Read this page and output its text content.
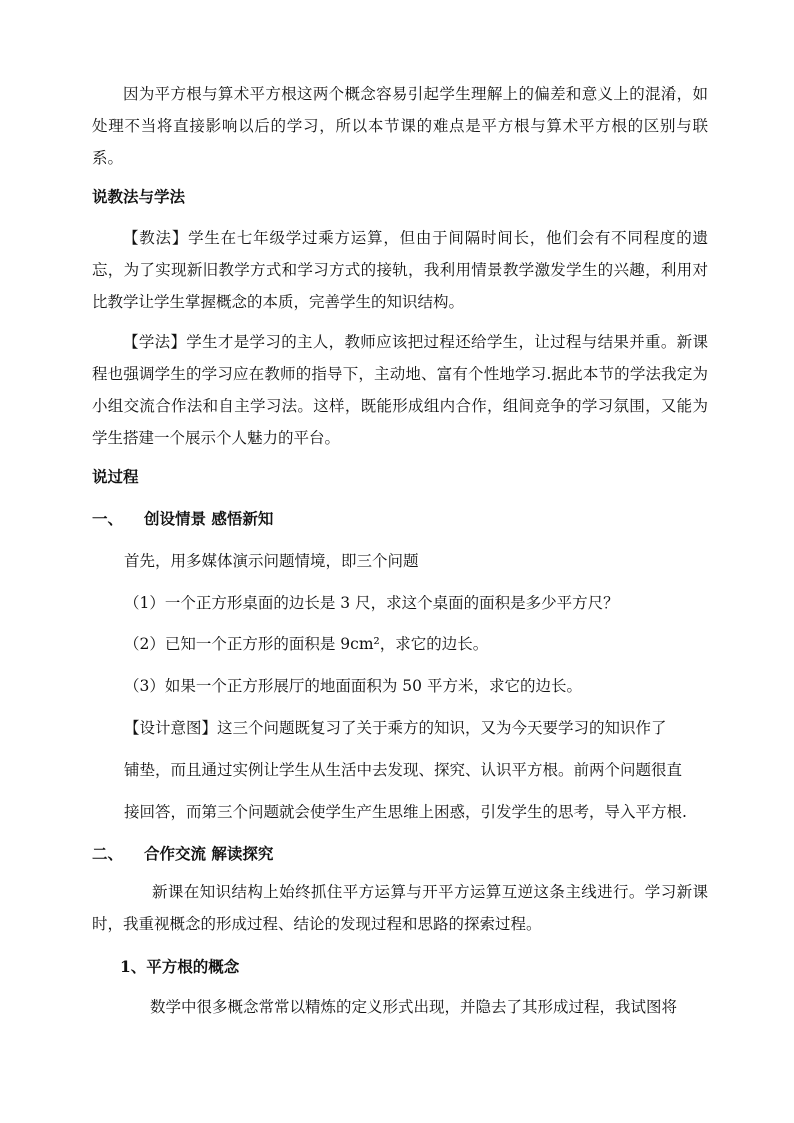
因为平方根与算术平方根这两个概念容易引起学生理解上的偏差和意义上的混淆，如处理不当将直接影响以后的学习，所以本节课的难点是平方根与算术平方根的区别与联系。

说教法与学法

【教法】学生在七年级学过乘方运算，但由于间隔时间长，他们会有不同程度的遗忘，为了实现新旧教学方式和学习方式的接轨，我利用情景教学激发学生的兴趣，利用对比教学让学生掌握概念的本质，完善学生的知识结构。

【学法】学生才是学习的主人，教师应该把过程还给学生，让过程与结果并重。新课程也强调学生的学习应在教师的指导下，主动地、富有个性地学习.据此本节的学法我定为小组交流合作法和自主学习法。这样，既能形成组内合作，组间竞争的学习氛围，又能为学生搭建一个展示个人魅力的平台。

说过程
一、 创设情景 感悟新知
首先，用多媒体演示问题情境，即三个问题
（1）一个正方形桌面的边长是 3 尺，求这个桌面的面积是多少平方尺？
（2）已知一个正方形的面积是 9cm²，求它的边长。
（3）如果一个正方形展厅的地面面积为 50 平方米，求它的边长。
【设计意图】这三个问题既复习了关于乘方的知识，又为今天要学习的知识作了
铺垫，而且通过实例让学生从生活中去发现、探究、认识平方根。前两个问题很直
接回答，而第三个问题就会使学生产生思维上困惑，引发学生的思考，导入平方根.
二、 合作交流 解读探究

新课在知识结构上始终抓住平方运算与开平方运算互逆这条主线进行。学习新课时，我重视概念的形成过程、结论的发现过程和思路的探索过程。

1、平方根的概念
数学中很多概念常常以精炼的定义形式出现，并隐去了其形成过程，我试图将
